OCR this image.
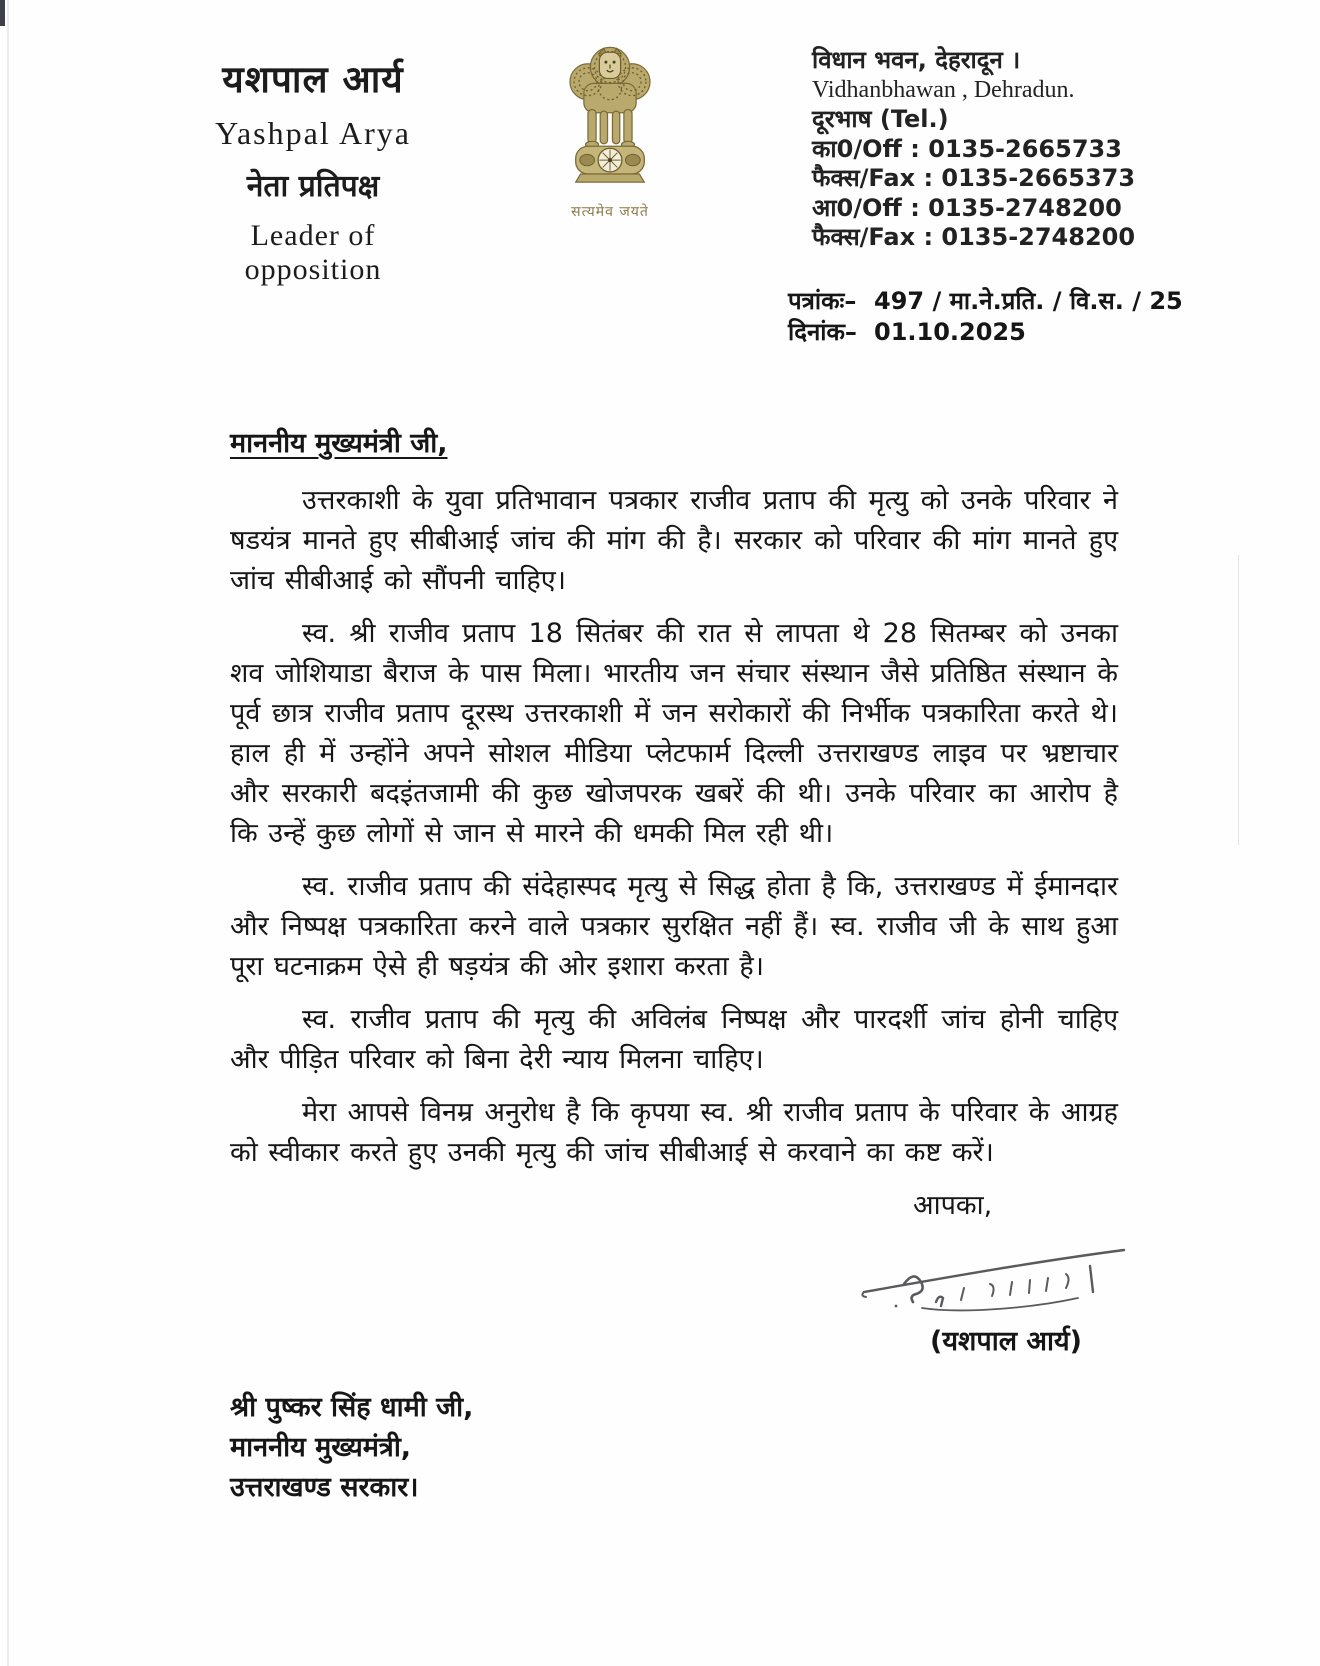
यशपाल आर्य
Yashpal Arya
नेता प्रतिपक्ष
Leader of opposition
सत्यमेव जयते
विधान भवन, देहरादून ।
Vidhanbhawan , Dehradun.
दूरभाष (Tel.)
का0/Off : 0135-2665733
फैक्स/Fax : 0135-2665373
आ0/Off : 0135-2748200
फैक्स/Fax : 0135-2748200
पत्रांकः– 497 / मा.ने.प्रति. / वि.स. / 25
दिनांक– 01.10.2025
माननीय मुख्यमंत्री जी,

उत्तरकाशी के युवा प्रतिभावान पत्रकार राजीव प्रताप की मृत्यु को उनके परिवार ने षडयंत्र मानते हुए सीबीआई जांच की मांग की है। सरकार को परिवार की मांग मानते हुए जांच सीबीआई को सौंपनी चाहिए।

स्व. श्री राजीव प्रताप 18 सितंबर की रात से लापता थे 28 सितम्बर को उनका शव जोशियाडा बैराज के पास मिला। भारतीय जन संचार संस्थान जैसे प्रतिष्ठित संस्थान के पूर्व छात्र राजीव प्रताप दूरस्थ उत्तरकाशी में जन सरोकारों की निर्भीक पत्रकारिता करते थे। हाल ही में उन्होंने अपने सोशल मीडिया प्लेटफार्म दिल्ली उत्तराखण्ड लाइव पर भ्रष्टाचार और सरकारी बदइंतजामी की कुछ खोजपरक खबरें की थी। उनके परिवार का आरोप है कि उन्हें कुछ लोगों से जान से मारने की धमकी मिल रही थी।

स्व. राजीव प्रताप की संदेहास्पद मृत्यु से सिद्ध होता है कि, उत्तराखण्ड में ईमानदार और निष्पक्ष पत्रकारिता करने वाले पत्रकार सुरक्षित नहीं हैं। स्व. राजीव जी के साथ हुआ पूरा घटनाक्रम ऐसे ही षड़यंत्र की ओर इशारा करता है।

स्व. राजीव प्रताप की मृत्यु की अविलंब निष्पक्ष और पारदर्शी जांच होनी चाहिए और पीड़ित परिवार को बिना देरी न्याय मिलना चाहिए।

मेरा आपसे विनम्र अनुरोध है कि कृपया स्व. श्री राजीव प्रताप के परिवार के आग्रह को स्वीकार करते हुए उनकी मृत्यु की जांच सीबीआई से करवाने का कष्ट करें।

आपका,
(यशपाल आर्य)
श्री पुष्कर सिंह धामी जी,
माननीय मुख्यमंत्री,
उत्तराखण्ड सरकार।
